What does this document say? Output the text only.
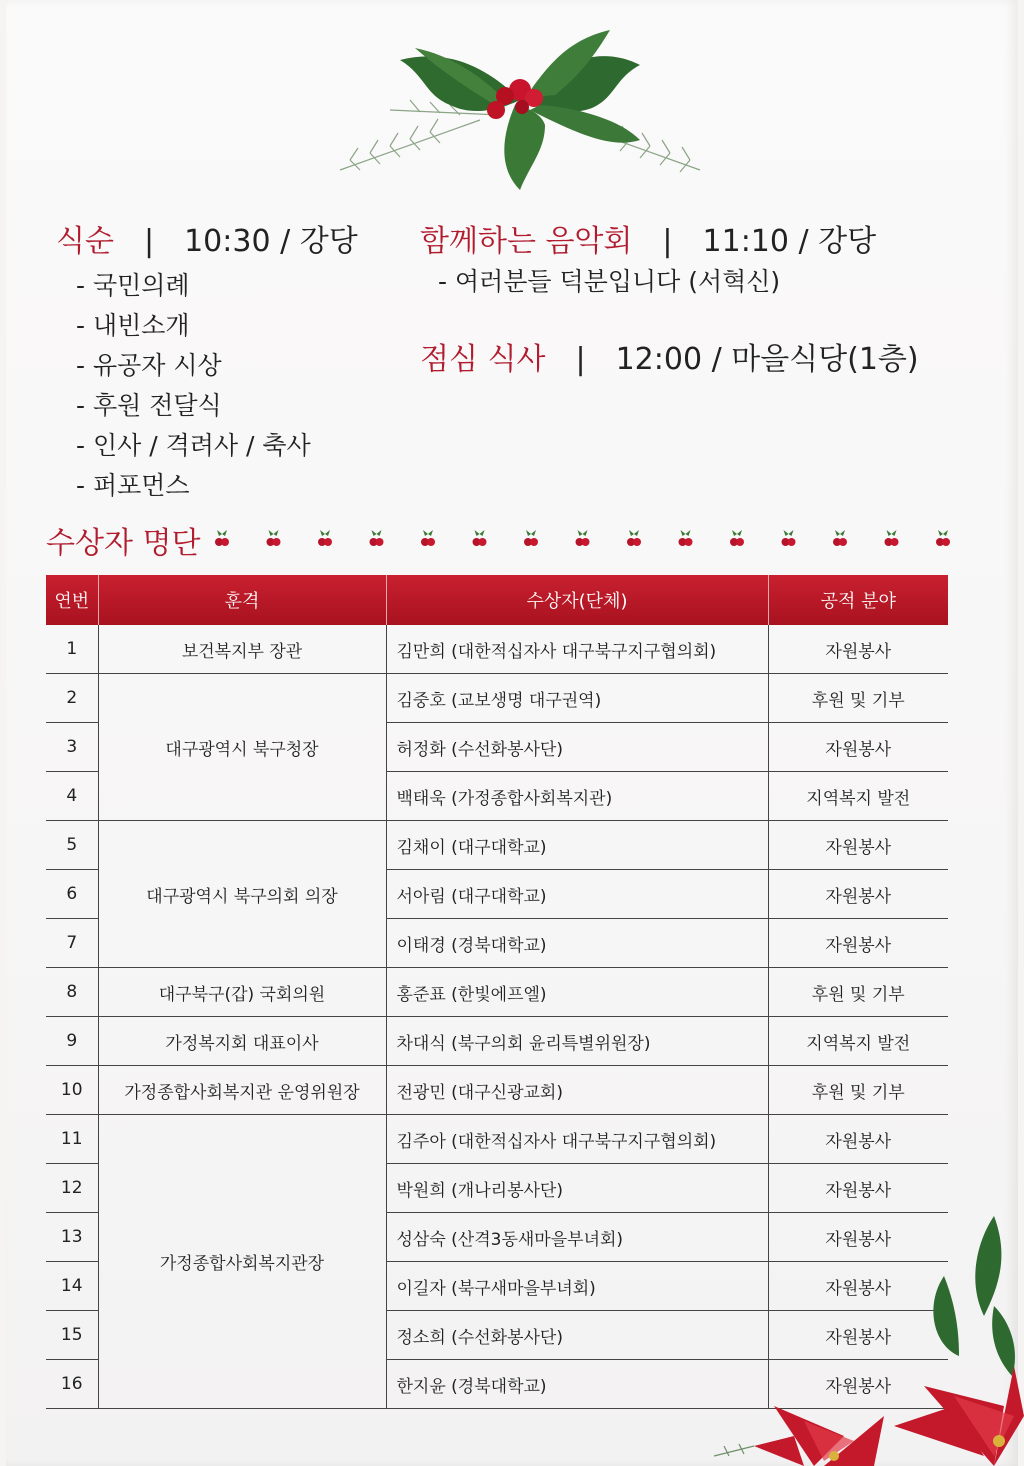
식순 | 10:30 / 강당
- 국민의례
- 내빈소개
- 유공자 시상
- 후원 전달식
- 인사 / 격려사 / 축사
- 퍼포먼스
함께하는 음악회 | 11:10 / 강당
- 여러분들 덕분입니다 (서혁신)
점심 식사 | 12:00 / 마을식당(1층)
수상자 명단
연번	훈격	수상자(단체)	공적 분야
1	보건복지부 장관	김만희 (대한적십자사 대구북구지구협의회)	자원봉사
2	대구광역시 북구청장	김중호 (교보생명 대구권역)	후원 및 기부
3		허정화 (수선화봉사단)	자원봉사
4		백태욱 (가정종합사회복지관)	지역복지 발전
5	대구광역시 북구의회 의장	김채이 (대구대학교)	자원봉사
6		서아림 (대구대학교)	자원봉사
7		이태경 (경북대학교)	자원봉사
8	대구북구(갑) 국회의원	홍준표 (한빛에프엘)	후원 및 기부
9	가정복지회 대표이사	차대식 (북구의회 윤리특별위원장)	지역복지 발전
10	가정종합사회복지관 운영위원장	전광민 (대구신광교회)	후원 및 기부
11	가정종합사회복지관장	김주아 (대한적십자사 대구북구지구협의회)	자원봉사
12		박원희 (개나리봉사단)	자원봉사
13		성삼숙 (산격3동새마을부녀회)	자원봉사
14		이길자 (북구새마을부녀회)	자원봉사
15		정소희 (수선화봉사단)	자원봉사
16		한지윤 (경북대학교)	자원봉사
